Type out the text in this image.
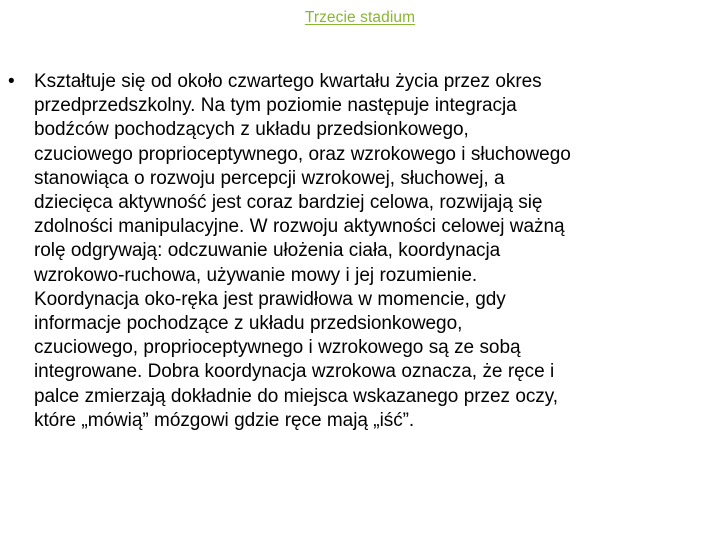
Trzecie stadium
•	Kształtuje się od około czwartego kwartału życia przez okres
przedprzedszkolny. Na tym poziomie następuje integracja
bodźców pochodzących z układu przedsionkowego,
czuciowego proprioceptywnego, oraz wzrokowego i słuchowego
stanowiąca o rozwoju percepcji wzrokowej, słuchowej, a
dziecięca aktywność jest coraz bardziej celowa, rozwijają się
zdolności manipulacyjne. W rozwoju aktywności celowej ważną
rolę odgrywają: odczuwanie ułożenia ciała, koordynacja
wzrokowo-ruchowa, używanie mowy i jej rozumienie.
Koordynacja oko-ręka jest prawidłowa w momencie, gdy
informacje pochodzące z układu przedsionkowego,
czuciowego, proprioceptywnego i wzrokowego są ze sobą
integrowane. Dobra koordynacja wzrokowa oznacza, że ręce i
palce zmierzają dokładnie do miejsca wskazanego przez oczy,
które „mówią” mózgowi gdzie ręce mają „iść”.
